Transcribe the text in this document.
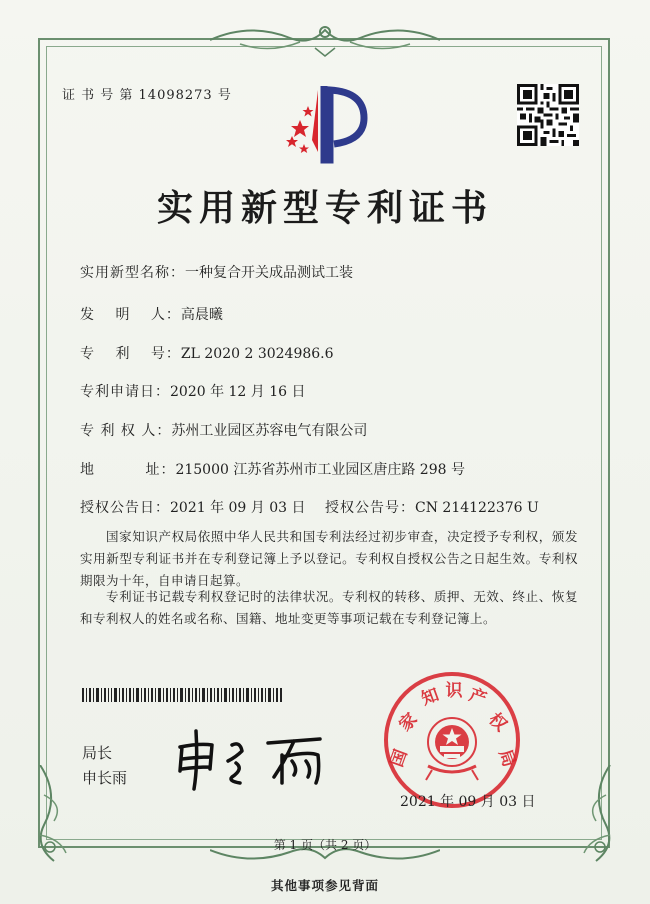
证 书 号 第 14098273 号
实用新型专利证书
实用新型名称：一种复合开关成品测试工装
发　 明　 人：高晨曦
专　 利　 号：ZL 2020 2 3024986.6
专利申请日：2020 年 12 月 16 日
专 利 权 人：苏州工业园区苏容电气有限公司
地　　　 址：215000 江苏省苏州市工业园区唐庄路 298 号
授权公告日：2021 年 09 月 03 日 授权公告号：CN 214122376 U
国家知识产权局依照中华人民共和国专利法经过初步审查，决定授予专利权，颁发实用新型专利证书并在专利登记簿上予以登记。专利权自授权公告之日起生效。专利权期限为十年，自申请日起算。
专利证书记载专利权登记时的法律状况。专利权的转移、质押、无效、终止、恢复和专利权人的姓名或名称、国籍、地址变更等事项记载在专利登记簿上。
局长
申长雨
国
家
知 识 产
权
局
2021 年 09 月 03 日
第 1 页（共 2 页）
其他事项参见背面
